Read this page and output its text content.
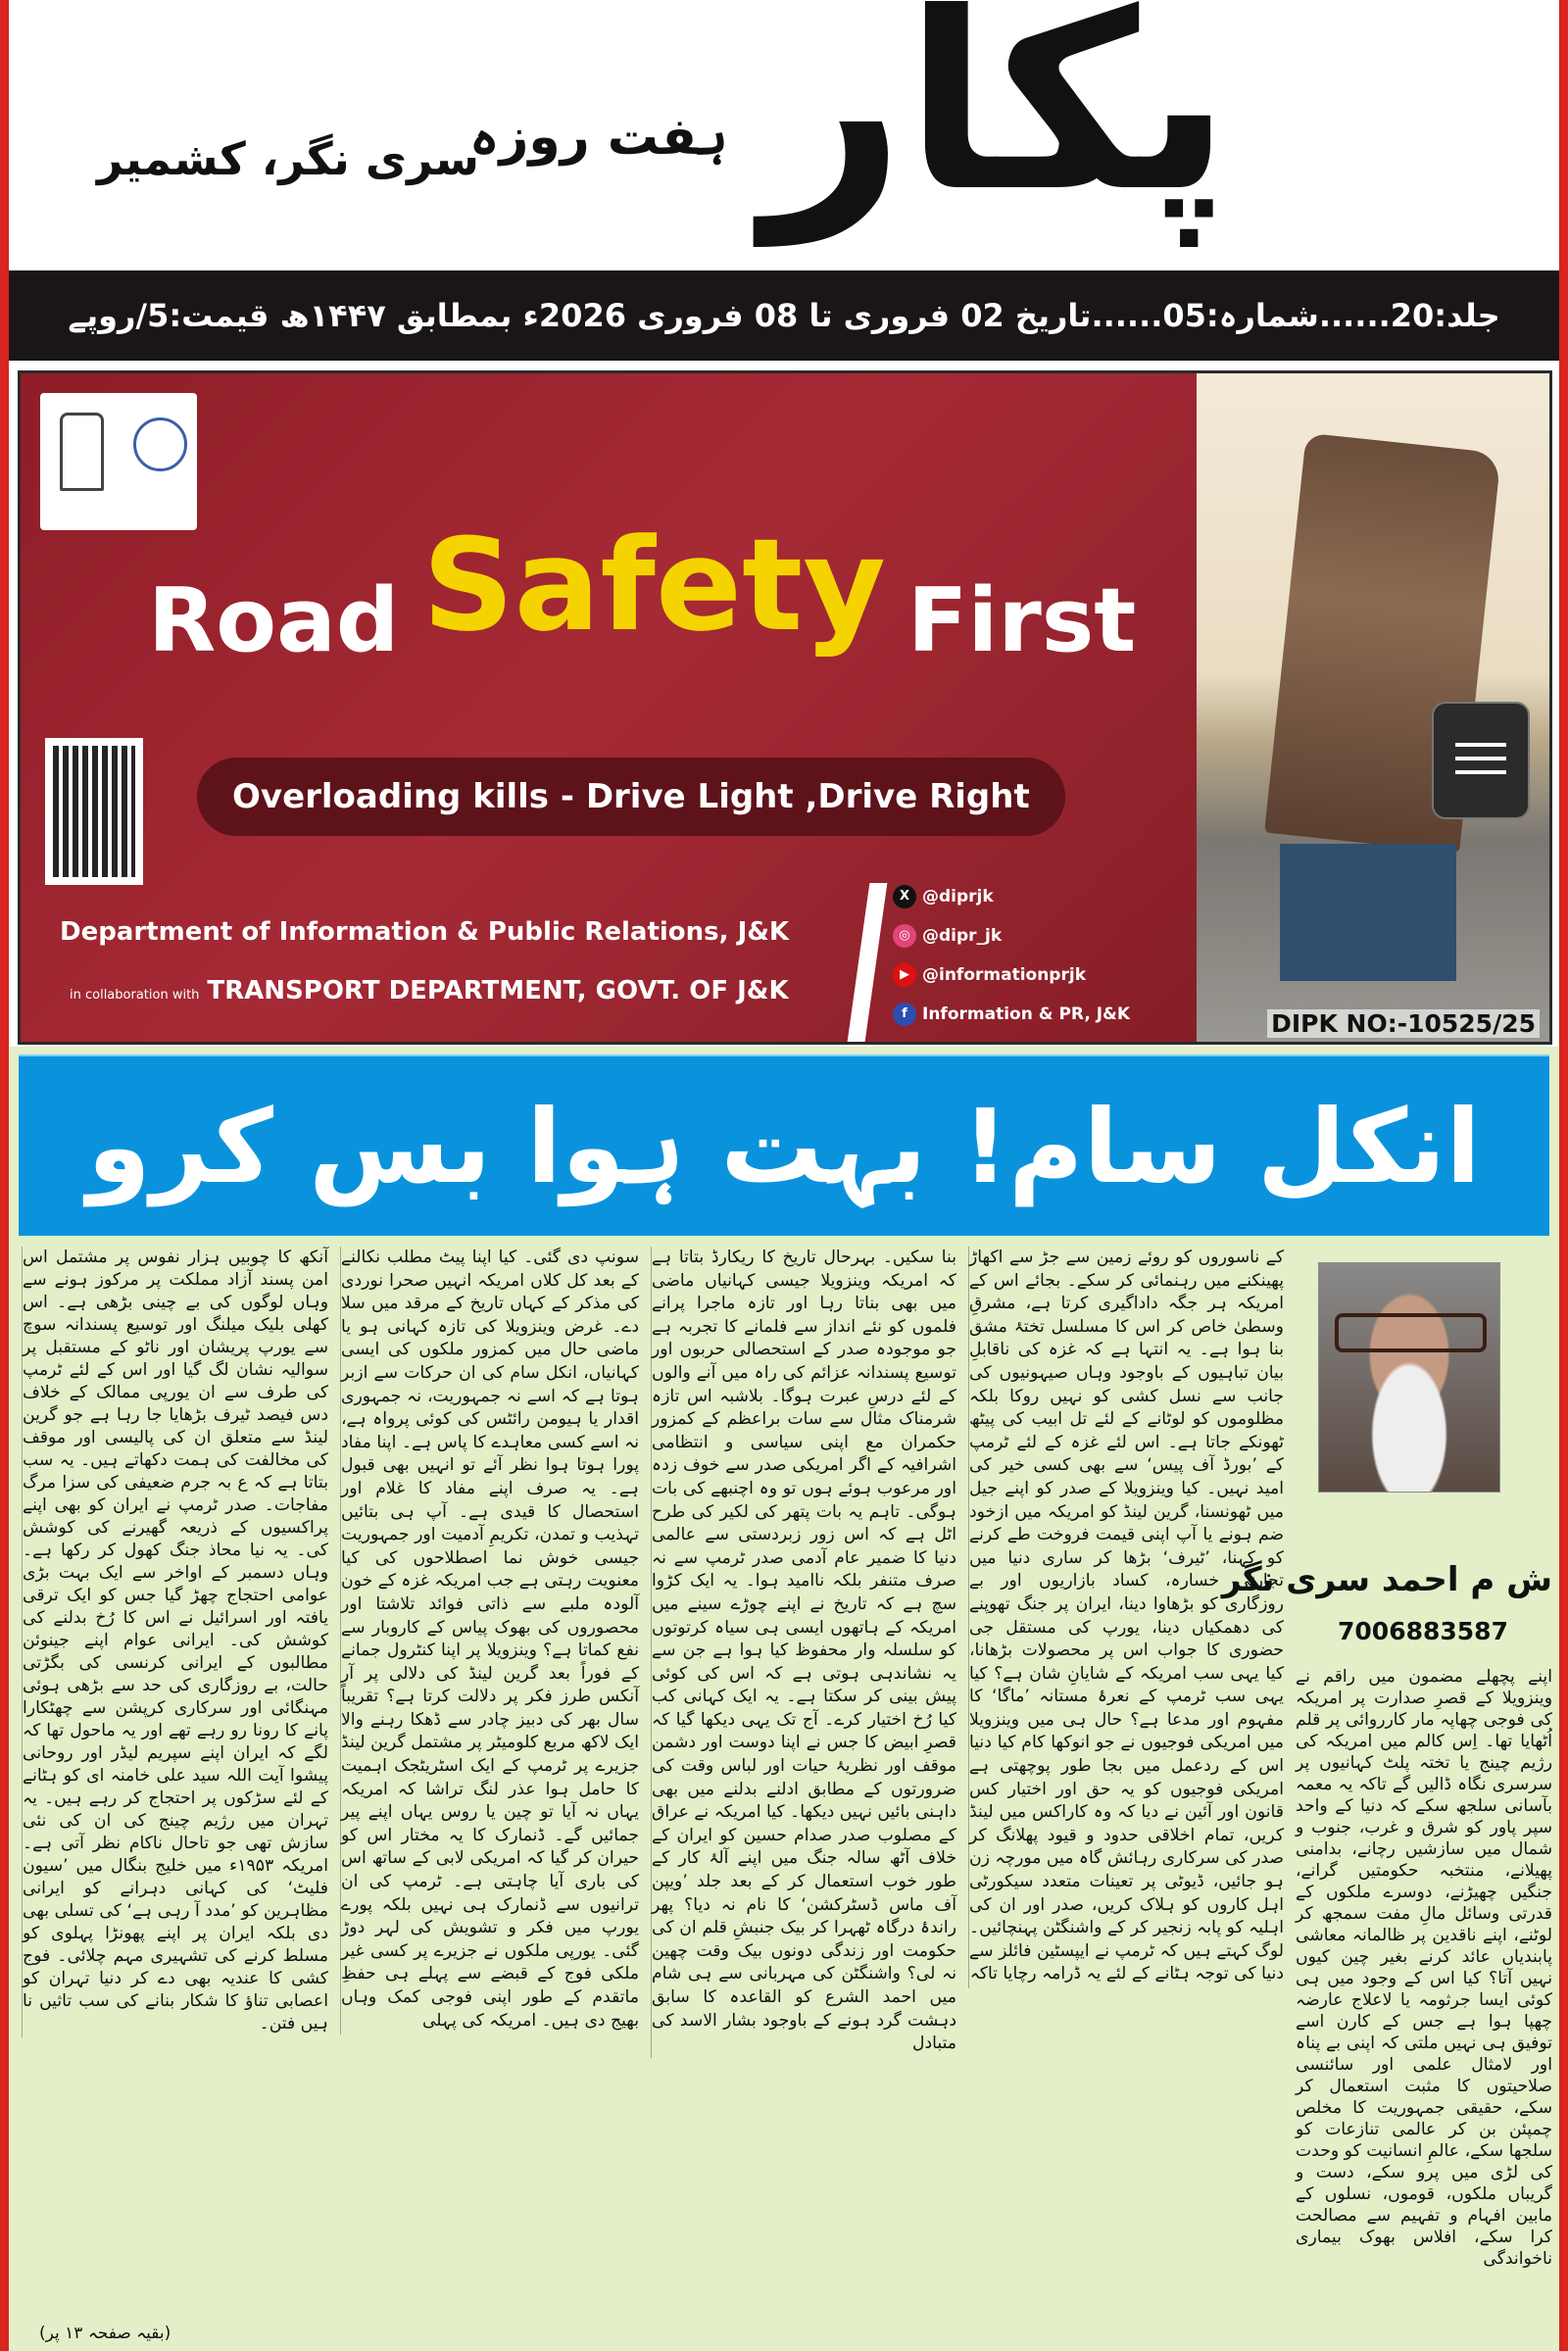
پکار
ہفت روزہ
سری نگر، کشمیر
جلد:20......شمارہ:05......تاریخ 02 فروری تا 08 فروری 2026ء بمطابق ۱۴۴۷ھ قیمت:5/روپے
Road Safety First
Overloading kills - Drive Light ,Drive Right
Department of Information & Public Relations, J&K
in collaboration with TRANSPORT DEPARTMENT, GOVT. OF J&K
X @diprjk
◎ @dipr_jk
▶ @informationprjk
f Information & PR, J&K	DIPK NO:-10525/25
انکل سام! بہت ہوا بس کرو
ش م احمد سری نگر
7006883587

اپنے پچھلے مضمون میں راقم نے وینزویلا کے قصرِ صدارت پر امریکہ کی فوجی چھاپہ مار کارروائی پر قلم اُٹھایا تھا۔ اِس کالم میں امریکہ کی رژیم چینج یا تختہ پلٹ کہانیوں پر سرسری نگاہ ڈالیں گے تاکہ یہ معمہ بآسانی سلجھ سکے کہ دنیا کے واحد سپر پاور کو شرق و غرب، جنوب و شمال میں سازشیں رچانے، بدامنی پھیلانے، منتخبہ حکومتیں گرانے، جنگیں چھیڑنے، دوسرے ملکوں کے قدرتی وسائل مالِ مفت سمجھ کر لوٹنے، اپنے ناقدین پر ظالمانہ معاشی پابندیاں عائد کرنے بغیر چین کیوں نہیں آتا؟ کیا اس کے وجود میں ہی کوئی ایسا جرثومہ یا لاعلاج عارضہ چھپا ہوا ہے جس کے کارن اسے توفیق ہی نہیں ملتی کہ اپنی بے پناہ اور لامثال علمی اور سائنسی صلاحیتوں کا مثبت استعمال کر سکے، حقیقی جمہوریت کا مخلص چمپئن بن کر عالمی تنازعات کو سلجھا سکے، عالمِ انسانیت کو وحدت کی لڑی میں پرو سکے، دست و گریباں ملکوں، قوموں، نسلوں کے مابین افہام و تفہیم سے مصالحت کرا سکے، افلاس بھوک بیماری ناخواندگی

کے ناسوروں کو روئے زمین سے جڑ سے اکھاڑ پھینکنے میں رہنمائی کر سکے۔ بجائے اس کے امریکہ ہر جگہ داداگیری کرتا ہے، مشرقِ وسطیٰ خاص کر اس کا مسلسل تختۂ مشق بنا ہوا ہے۔ یہ انتہا ہے کہ غزہ کی ناقابلِ بیان تباہیوں کے باوجود وہاں صیہونیوں کی جانب سے نسل کشی کو نہیں روکا بلکہ مظلوموں کو لوٹانے کے لئے تل ابیب کی پیٹھ ٹھونکے جاتا ہے۔ اس لئے غزہ کے لئے ٹرمپ کے ’بورڈ آف پیس‘ سے بھی کسی خیر کی امید نہیں۔ کیا وینزویلا کے صدر کو اپنے جیل میں ٹھونسنا، گرین لینڈ کو امریکہ میں ازخود ضم ہونے یا آپ اپنی قیمت فروخت طے کرنے کو کہنا، ’ٹیرف‘ بڑھا کر ساری دنیا میں تجارتی خسارہ، کساد بازاریوں اور بے روزگاری کو بڑھاوا دینا، ایران پر جنگ تھوپنے کی دھمکیاں دینا، یورپ کی مستقل جی حضوری کا جواب اس پر محصولات بڑھانا، کیا یہی سب امریکہ کے شایانِ شان ہے؟ کیا یہی سب ٹرمپ کے نعرۂ مستانہ ’ماگا‘ کا مفہوم اور مدعا ہے؟ حال ہی میں وینزویلا میں امریکی فوجیوں نے جو انوکھا کام کیا دنیا اس کے ردعمل میں بجا طور پوچھتی ہے امریکی فوجیوں کو یہ حق اور اختیار کس قانون اور آئین نے دیا کہ وہ کاراکس میں لینڈ کریں، تمام اخلاقی حدود و قیود پھلانگ کر صدر کی سرکاری رہائش گاہ میں مورچہ زن ہو جائیں، ڈیوٹی پر تعینات متعدد سیکورٹی اہل کاروں کو ہلاک کریں، صدر اور ان کی اہلیہ کو پابہ زنجیر کر کے واشنگٹن پہنچائیں۔ لوگ کہتے ہیں کہ ٹرمپ نے ایپسٹین فائلز سے دنیا کی توجہ ہٹانے کے لئے یہ ڈرامہ رچایا تاکہ

بنا سکیں۔ بہرحال تاریخ کا ریکارڈ بتاتا ہے کہ امریکہ وینزویلا جیسی کہانیاں ماضی میں بھی بناتا رہا اور تازہ ماجرا پرانے فلموں کو نئے انداز سے فلمانے کا تجربہ ہے جو موجودہ صدر کے استحصالی حربوں اور توسیع پسندانہ عزائم کی راہ میں آنے والوں کے لئے درسِ عبرت ہوگا۔ بلاشبہ اس تازہ شرمناک مثال سے سات براعظم کے کمزور حکمران مع اپنی سیاسی و انتظامی اشرافیہ کے اگر امریکی صدر سے خوف زدہ اور مرعوب ہوئے ہوں تو وہ اچنبھے کی بات ہوگی۔ تاہم یہ بات پتھر کی لکیر کی طرح اٹل ہے کہ اس زور زبردستی سے عالمی دنیا کا ضمیر عام آدمی صدر ٹرمپ سے نہ صرف متنفر بلکہ ناامید ہوا۔ یہ ایک کڑوا سچ ہے کہ تاریخ نے اپنے چوڑے سینے میں امریکہ کے ہاتھوں ایسی ہی سیاہ کرتوتوں کو سلسلہ وار محفوظ کیا ہوا ہے جن سے یہ نشاندہی ہوتی ہے کہ اس کی کوئی پیش بینی کر سکتا ہے۔ یہ ایک کہانی کب کیا رُخ اختیار کرے۔ آج تک یہی دیکھا گیا کہ قصرِ ابیض کا جس نے اپنا دوست اور دشمن موقف اور نظریۂ حیات اور لباس وقت کی ضرورتوں کے مطابق ادلنے بدلنے میں بھی داہنی بائیں نہیں دیکھا۔ کیا امریکہ نے عراق کے مصلوب صدر صدام حسین کو ایران کے خلاف آٹھ سالہ جنگ میں اپنے آلۂ کار کے طور خوب استعمال کر کے بعد جلد ’ویپن آف ماس ڈسٹرکشن‘ کا نام نہ دیا؟ پھر راندۂ درگاہ ٹھہرا کر بیک جنبشِ قلم ان کی حکومت اور زندگی دونوں بیک وقت چھین نہ لی؟ واشنگٹن کی مہربانی سے ہی شام میں احمد الشرع کو القاعدہ کا سابق دہشت گرد ہونے کے باوجود بشار الاسد کی متبادل

سونپ دی گئی۔ کیا اپنا پیٹ مطلب نکالنے کے بعد کل کلاں امریکہ انہیں صحرا نوردی کی مذکر کے کہاں تاریخ کے مرقد میں سلا دے۔ غرض وینزویلا کی تازہ کہانی ہو یا ماضی حال میں کمزور ملکوں کی ایسی کہانیاں، انکل سام کی ان حرکات سے ازبر ہوتا ہے کہ اسے نہ جمہوریت، نہ جمہوری اقدار یا ہیومن رائٹس کی کوئی پرواہ ہے، نہ اسے کسی معاہدے کا پاس ہے۔ اپنا مفاد پورا ہوتا ہوا نظر آئے تو انہیں بھی قبول ہے۔ یہ صرف اپنے مفاد کا غلام اور استحصال کا قیدی ہے۔ آپ ہی بتائیں تہذیب و تمدن، تکریمِ آدمیت اور جمہوریت جیسی خوش نما اصطلاحوں کی کیا معنویت رہتی ہے جب امریکہ غزہ کے خون آلودہ ملبے سے ذاتی فوائد تلاشتا اور محصوروں کی بھوک پیاس کے کاروبار سے نفع کماتا ہے؟ وینزویلا پر اپنا کنٹرول جمانے کے فوراً بعد گرین لینڈ کی دلالی پر آر آنکس طرز فکر پر دلالت کرتا ہے؟ تقریباً سال بھر کی دبیز چادر سے ڈھکا رہنے والا ایک لاکھ مربع کلومیٹر پر مشتمل گرین لینڈ جزیرے پر ٹرمپ کے ایک اسٹریٹجک اہمیت کا حامل ہوا عذر لنگ تراشا کہ امریکہ یہاں نہ آیا تو چین یا روس یہاں اپنے پیر جمائیں گے۔ ڈنمارک کا یہ مختار اس کو حیران کر گیا کہ امریکی لابی کے ساتھ اس کی باری آیا چاہتی ہے۔ ٹرمپ کی ان ترانیوں سے ڈنمارک ہی نہیں بلکہ پورے یورپ میں فکر و تشویش کی لہر دوڑ گئی۔ یورپی ملکوں نے جزیرے پر کسی غیر ملکی فوج کے قبضے سے پہلے ہی حفظِ ماتقدم کے طور اپنی فوجی کمک وہاں بھیج دی ہیں۔ امریکہ کی پہلی

آنکھ کا چوبیں ہزار نفوس پر مشتمل اس امن پسند آزاد مملکت پر مرکوز ہونے سے وہاں لوگوں کی بے چینی بڑھی ہے۔ اس کھلی بلیک میلنگ اور توسیع پسندانہ سوچ سے یورپ پریشان اور ناٹو کے مستقبل پر سوالیہ نشان لگ گیا اور اس کے لئے ٹرمپ کی طرف سے ان یورپی ممالک کے خلاف دس فیصد ٹیرف بڑھایا جا رہا ہے جو گرین لینڈ سے متعلق ان کی پالیسی اور موقف کی مخالفت کی ہمت دکھاتے ہیں۔ یہ سب بتاتا ہے کہ ع بہ جرم ضعیفی کی سزا مرگ مفاجات۔ صدر ٹرمپ نے ایران کو بھی اپنے پراکسیوں کے ذریعہ گھیرنے کی کوشش کی۔ یہ نیا محاذ جنگ کھول کر رکھا ہے۔ وہاں دسمبر کے اواخر سے ایک بہت بڑی عوامی احتجاج چھڑ گیا جس کو ایک ترقی یافتہ اور اسرائیل نے اس کا رُخ بدلنے کی کوشش کی۔ ایرانی عوام اپنے جینوئن مطالبوں کے ایرانی کرنسی کی بگڑتی حالت، بے روزگاری کی حد سے بڑھی ہوئی مہنگائی اور سرکاری کرپشن سے چھٹکارا پانے کا رونا رو رہے تھے اور یہ ماحول تھا کہ لگے کہ ایران اپنے سپریم لیڈر اور روحانی پیشوا آیت اللہ سید علی خامنہ ای کو ہٹانے کے لئے سڑکوں پر احتجاج کر رہے ہیں۔ یہ تہران میں رژیم چینج کی ان کی نئی سازش تھی جو تاحال ناکام نظر آتی ہے۔ امریکہ ۱۹۵۳ء میں خلیج بنگال میں ’سیون فلیٹ‘ کی کہانی دہرانے کو ایرانی مظاہرین کو ’مدد آ رہی ہے‘ کی تسلی بھی دی بلکہ ایران پر اپنے پھونڑا پہلوی کو مسلط کرنے کی تشہیری مہم چلائی۔ فوج کشی کا عندیہ بھی دے کر دنیا تہران کو اعصابی تناؤ کا شکار بنانے کی سب تاثیں نا ہیں فتن۔

(بقیہ صفحہ ۱۳ پر)
